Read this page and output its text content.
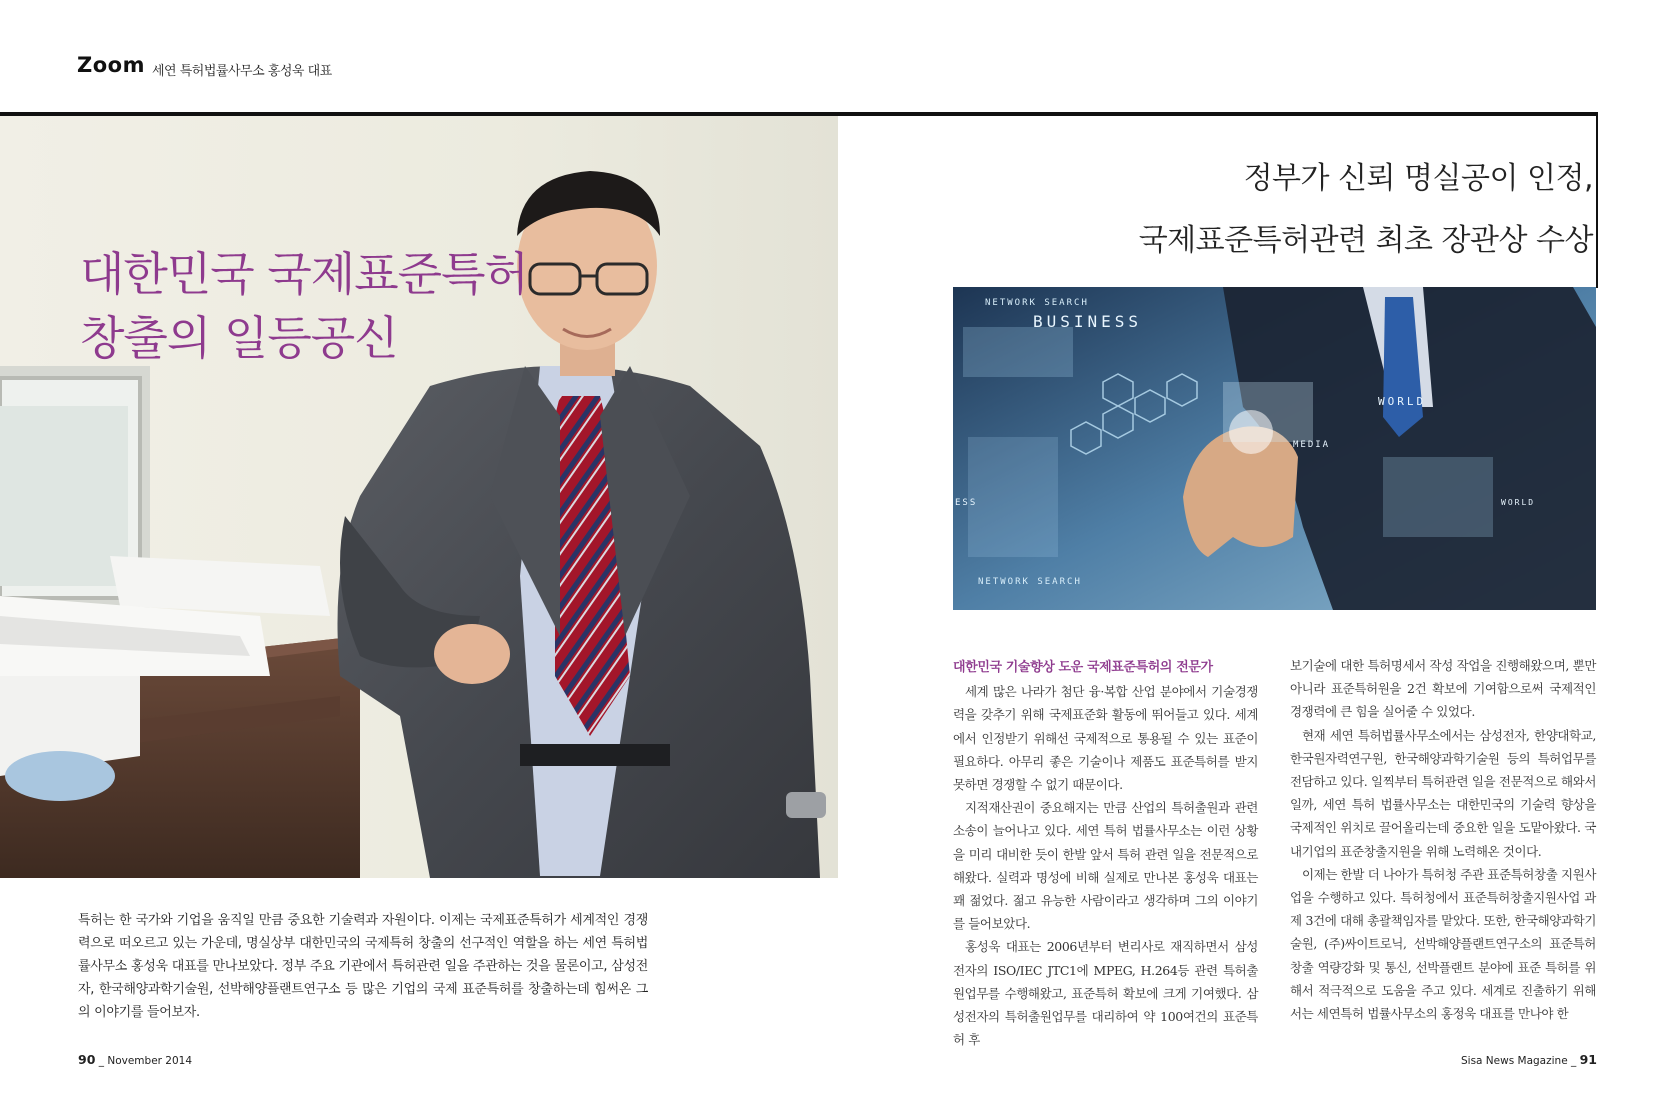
Zoom 세연 특허법률사무소 홍성욱 대표
대한민국 국제표준특허
창출의 일등공신
정부가 신뢰 명실공이 인정,
국제표준특허관련 최초 장관상 수상
NETWORK SEARCH
BUSINESS
WORLD
MEDIA
ESS	WORLD
NETWORK SEARCH
특허는 한 국가와 기업을 움직일 만큼 중요한 기술력과 자원이다. 이제는 국제표준특허가 세계적인 경쟁력으로 떠오르고 있는 가운데, 명실상부 대한민국의 국제특허 창출의 선구적인 역할을 하는 세연 특허법률사무소 홍성욱 대표를 만나보았다. 정부 주요 기관에서 특허관련 일을 주관하는 것을 물론이고, 삼성전자, 한국해양과학기술원, 선박해양플랜트연구소 등 많은 기업의 국제 표준특허를 창출하는데 힘써온 그의 이야기를 들어보자.

대한민국 기술향상 도운 국제표준특허의 전문가

세계 많은 나라가 첨단 융·복합 산업 분야에서 기술경쟁력을 갖추기 위해 국제표준화 활동에 뛰어들고 있다. 세계에서 인정받기 위해선 국제적으로 통용될 수 있는 표준이 필요하다. 아무리 좋은 기술이나 제품도 표준특허를 받지 못하면 경쟁할 수 없기 때문이다.

지적재산권이 중요해지는 만큼 산업의 특허출원과 관련 소송이 늘어나고 있다. 세연 특허 법률사무소는 이런 상황을 미리 대비한 듯이 한발 앞서 특허 관련 일을 전문적으로 해왔다. 실력과 명성에 비해 실제로 만나본 홍성욱 대표는 꽤 젊었다. 젊고 유능한 사람이라고 생각하며 그의 이야기를 들어보았다.

홍성욱 대표는 2006년부터 변리사로 재직하면서 삼성전자의 ISO/IEC JTC1에 MPEG, H.264등 관련 특허출원업무를 수행해왔고, 표준특허 확보에 크게 기여했다. 삼성전자의 특허출원업무를 대리하여 약 100여건의 표준특허 후

보기술에 대한 특허명세서 작성 작업을 진행해왔으며, 뿐만 아니라 표준특허원을 2건 확보에 기여함으로써 국제적인 경쟁력에 큰 힘을 실어줄 수 있었다.

현재 세연 특허법률사무소에서는 삼성전자, 한양대학교, 한국원자력연구원, 한국해양과학기술원 등의 특허업무를 전담하고 있다. 일찍부터 특허관련 일을 전문적으로 해와서일까, 세연 특허 법률사무소는 대한민국의 기술력 향상을 국제적인 위치로 끌어올리는데 중요한 일을 도맡아왔다. 국내기업의 표준창출지원을 위해 노력해온 것이다.

이제는 한발 더 나아가 특허청 주관 표준특허창출 지원사업을 수행하고 있다. 특허청에서 표준특허창출지원사업 과제 3건에 대해 총괄책임자를 맡았다. 또한, 한국해양과학기술원, (주)싸이트로닉, 선박해양플랜트연구소의 표준특허창출 역량강화 및 통신, 선박플랜트 분야에 표준 특허를 위해서 적극적으로 도움을 주고 있다. 세계로 진출하기 위해서는 세연특허 법률사무소의 홍정욱 대표를 만나야 한

90 _ November 2014	Sisa News Magazine _ 91
